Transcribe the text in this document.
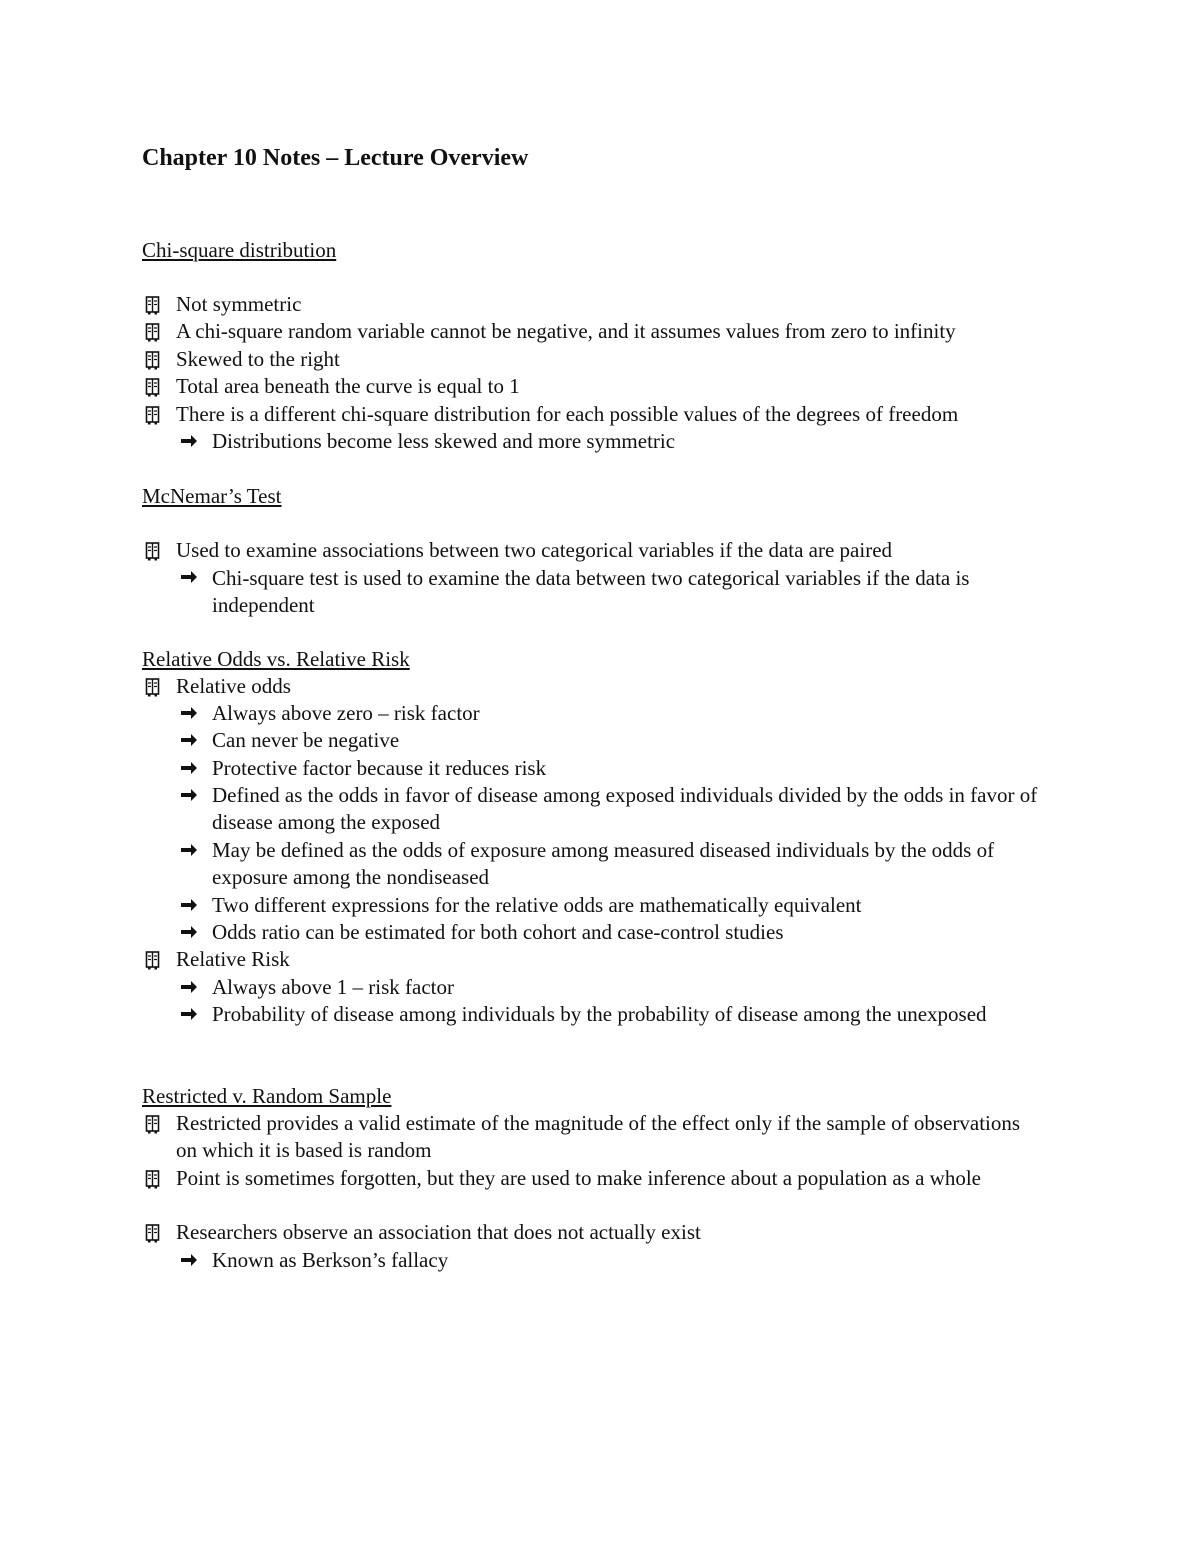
Chapter 10 Notes – Lecture Overview
Chi-square distribution
Not symmetric
A chi-square random variable cannot be negative, and it assumes values from zero to infinity
Skewed to the right
Total area beneath the curve is equal to 1
There is a different chi-square distribution for each possible values of the degrees of freedom
Distributions become less skewed and more symmetric
McNemar’s Test
Used to examine associations between two categorical variables if the data are paired
Chi-square test is used to examine the data between two categorical variables if the data is independent
Relative Odds vs. Relative Risk
Relative odds
Always above zero – risk factor
Can never be negative
Protective factor because it reduces risk
Defined as the odds in favor of disease among exposed individuals divided by the odds in favor of disease among the exposed
May be defined as the odds of exposure among measured diseased individuals by the odds of exposure among the nondiseased
Two different expressions for the relative odds are mathematically equivalent
Odds ratio can be estimated for both cohort and case-control studies
Relative Risk
Always above 1 – risk factor
Probability of disease among individuals by the probability of disease among the unexposed
Restricted v. Random Sample
Restricted provides a valid estimate of the magnitude of the effect only if the sample of observations on which it is based is random
Point is sometimes forgotten, but they are used to make inference about a population as a whole
Researchers observe an association that does not actually exist
Known as Berkson’s fallacy
